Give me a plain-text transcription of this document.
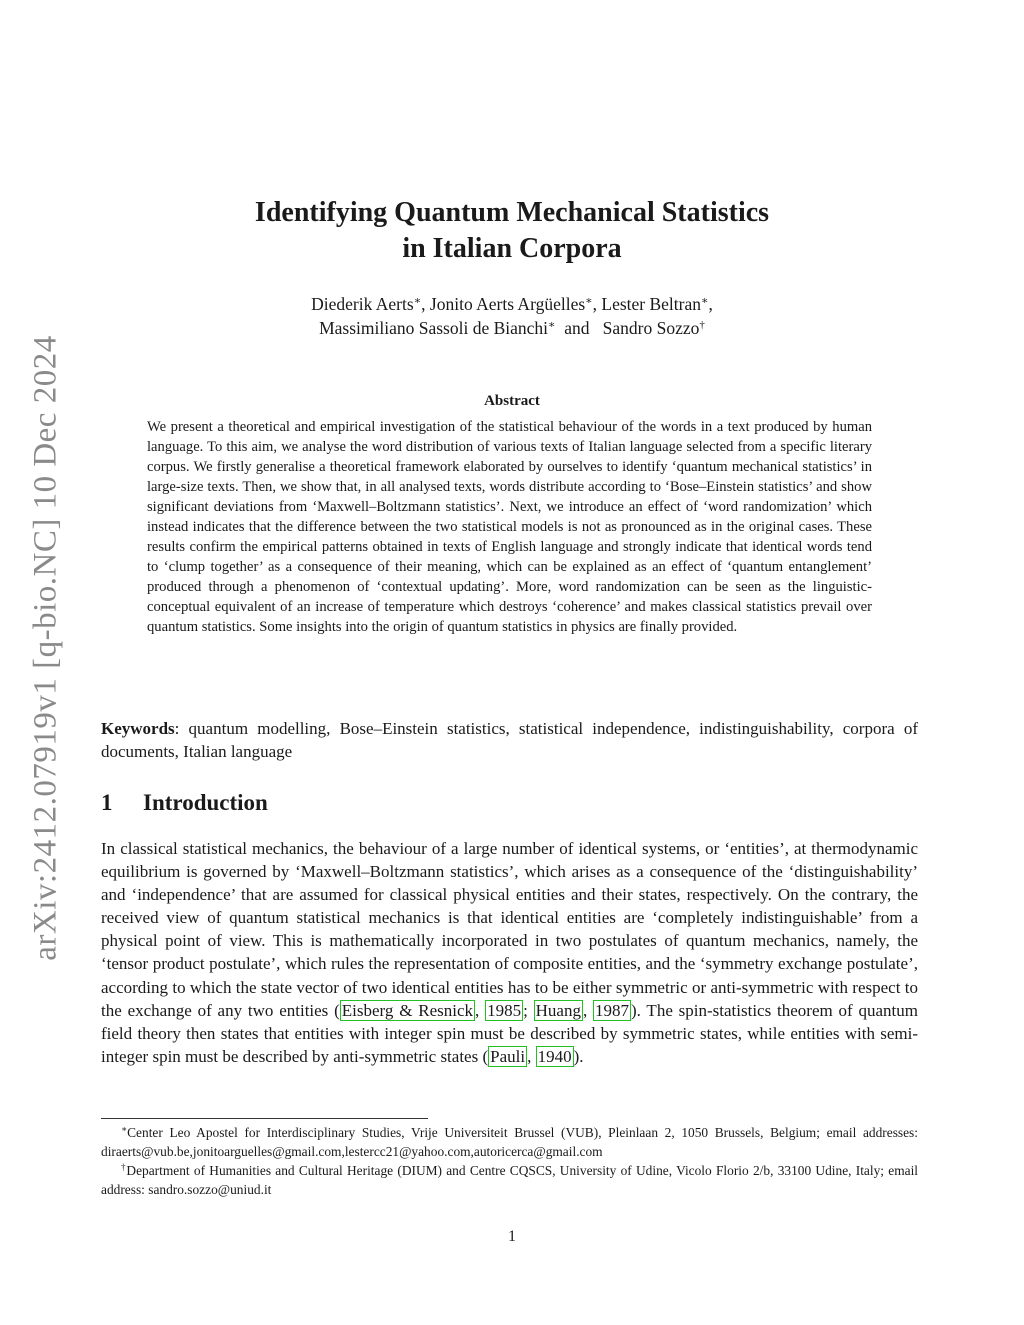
arXiv:2412.07919v1 [q-bio.NC] 10 Dec 2024
Identifying Quantum Mechanical Statistics
in Italian Corpora
Diederik Aerts∗, Jonito Aerts Argüelles∗, Lester Beltran∗,
Massimiliano Sassoli de Bianchi∗ and Sandro Sozzo†
Abstract
We present a theoretical and empirical investigation of the statistical behaviour of the words in a text produced by human language. To this aim, we analyse the word distribution of various texts of Italian language selected from a specific literary corpus. We firstly generalise a theoretical framework elaborated by ourselves to identify ‘quantum mechanical statistics’ in large-size texts. Then, we show that, in all analysed texts, words distribute according to ‘Bose–Einstein statistics’ and show significant deviations from ‘Maxwell–Boltzmann statistics’. Next, we introduce an effect of ‘word randomization’ which instead indicates that the difference between the two statistical models is not as pronounced as in the original cases. These results confirm the empirical patterns obtained in texts of English language and strongly indicate that identical words tend to ‘clump together’ as a consequence of their meaning, which can be explained as an effect of ‘quantum entanglement’ produced through a phenomenon of ‘contextual updating’. More, word randomization can be seen as the linguistic-conceptual equivalent of an increase of temperature which destroys ‘coherence’ and makes classical statistics prevail over quantum statistics. Some insights into the origin of quantum statistics in physics are finally provided.
Keywords: quantum modelling, Bose–Einstein statistics, statistical independence, indistinguishability, corpora of documents, Italian language
1 Introduction
In classical statistical mechanics, the behaviour of a large number of identical systems, or ‘entities’, at thermodynamic equilibrium is governed by ‘Maxwell–Boltzmann statistics’, which arises as a consequence of the ‘distinguishability’ and ‘independence’ that are assumed for classical physical entities and their states, respectively. On the contrary, the received view of quantum statistical mechanics is that identical entities are ‘completely indistinguishable’ from a physical point of view. This is mathematically incorporated in two postulates of quantum mechanics, namely, the ‘tensor product postulate’, which rules the representation of composite entities, and the ‘symmetry exchange postulate’, according to which the state vector of two identical entities has to be either symmetric or anti-symmetric with respect to the exchange of any two entities ( Eisberg & Resnick , 1985 ; Huang , 1987 ). The spin-statistics theorem of quantum field theory then states that entities with integer spin must be described by symmetric states, while entities with semi-integer spin must be described by anti-symmetric states ( Pauli , 1940 ).

∗Center Leo Apostel for Interdisciplinary Studies, Vrije Universiteit Brussel (VUB), Pleinlaan 2, 1050 Brussels, Belgium; email addresses: diraerts@vub.be,jonitoarguelles@gmail.com,lestercc21@yahoo.com,autoricerca@gmail.com

†Department of Humanities and Cultural Heritage (DIUM) and Centre CQSCS, University of Udine, Vicolo Florio 2/b, 33100 Udine, Italy; email address: sandro.sozzo@uniud.it

1
